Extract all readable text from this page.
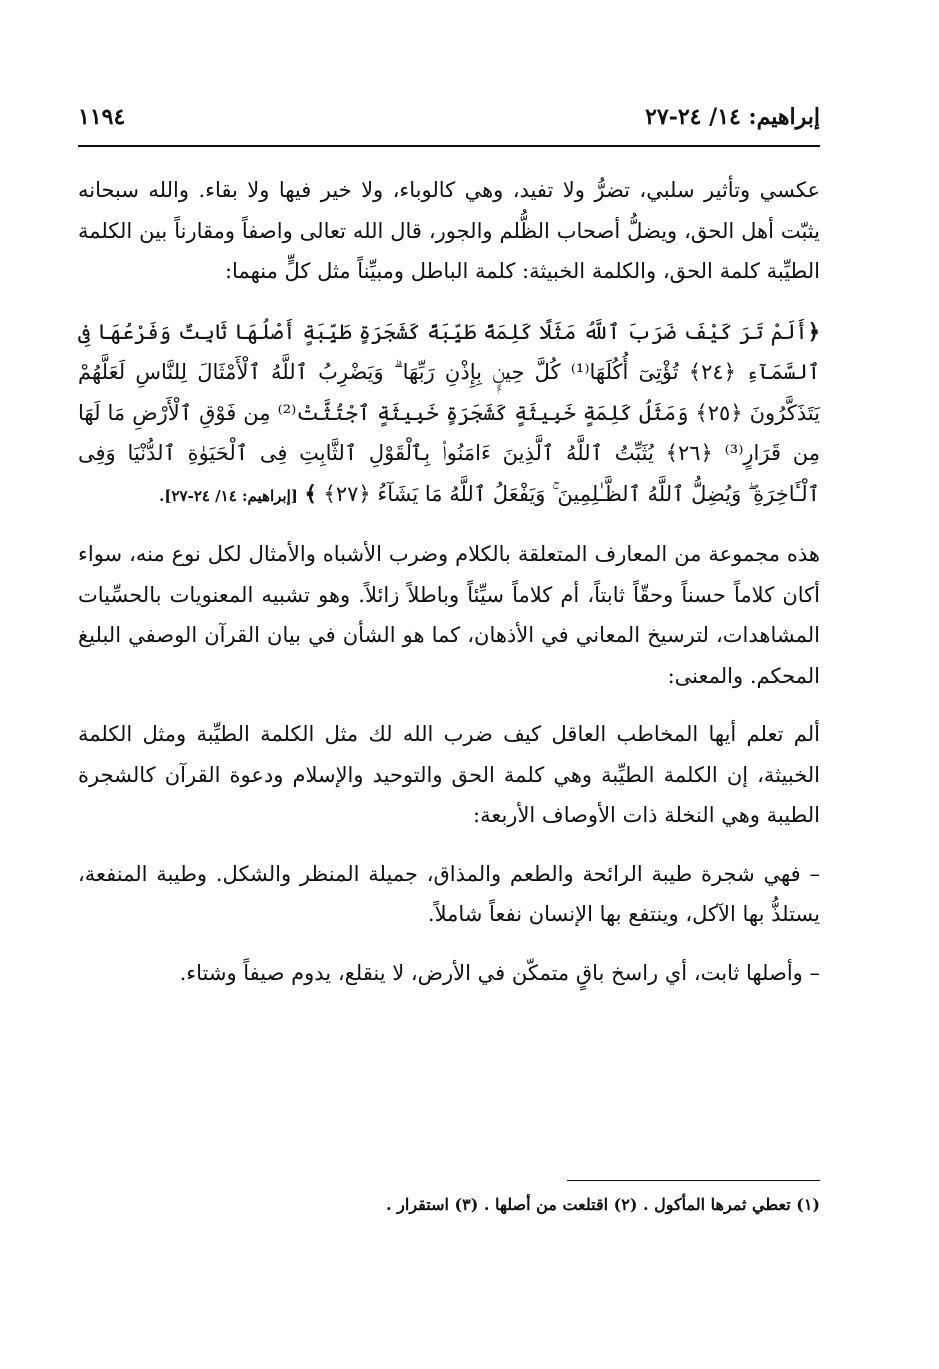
إبراهيم: ١٤/ ٢٤-٢٧
١١٩٤

عكسي وتأثير سلبي، تضرُّ ولا تفيد، وهي كالوباء، ولا خير فيها ولا بقاء. والله سبحانه يثبّت أهل الحق، ويضلُّ أصحاب الظُّلم والجور، قال الله تعالى واصفاً ومقارناً بين الكلمة الطيِّبة كلمة الحق، والكلمة الخبيثة: كلمة الباطل ومبيِّناً مثل كلٍّ منهما:

﴿أَلَمْ تَرَ كَيْفَ ضَرَبَ ٱللَّهُ مَثَلًا كَلِمَةً طَيِّبَةً كَشَجَرَةٍ طَيِّبَةٍ أَصْلُهَا ثَابِتٌ وَفَرْعُهَا فِى ٱلسَّمَآءِ ﴿٢٤﴾ تُؤْتِىٓ أُكُلَهَا⁽¹⁾ كُلَّ حِينٍۭ بِإِذْنِ رَبِّهَا ۗ وَيَضْرِبُ ٱللَّهُ ٱلْأَمْثَالَ لِلنَّاسِ لَعَلَّهُمْ يَتَذَكَّرُونَ ﴿٢٥﴾ وَمَثَلُ كَلِمَةٍ خَبِيثَةٍ كَشَجَرَةٍ خَبِيثَةٍ ٱجْتُثَّتْ⁽²⁾ مِن فَوْقِ ٱلْأَرْضِ مَا لَهَا مِن قَرَارٍ⁽³⁾ ﴿٢٦﴾ يُثَبِّتُ ٱللَّهُ ٱلَّذِينَ ءَامَنُوا۟ بِٱلْقَوْلِ ٱلثَّابِتِ فِى ٱلْحَيَوٰةِ ٱلدُّنْيَا وَفِى ٱلْـَٔاخِرَةِ ۖ وَيُضِلُّ ٱللَّهُ ٱلظَّـٰلِمِينَ ۚ وَيَفْعَلُ ٱللَّهُ مَا يَشَآءُ ﴿٢٧﴾ ﴾ [إبراهيم: ١٤/ ٢٤-٢٧].

هذه مجموعة من المعارف المتعلقة بالكلام وضرب الأشباه والأمثال لكل نوع منه، سواء أكان كلاماً حسناً وحقّاً ثابتاً، أم كلاماً سيِّئاً وباطلاً زائلاً. وهو تشبيه المعنويات بالحسِّيات المشاهدات، لترسيخ المعاني في الأذهان، كما هو الشأن في بيان القرآن الوصفي البليغ المحكم. والمعنى:

ألم تعلم أيها المخاطب العاقل كيف ضرب الله لك مثل الكلمة الطيِّبة ومثل الكلمة الخبيثة، إن الكلمة الطيِّبة وهي كلمة الحق والتوحيد والإسلام ودعوة القرآن كالشجرة الطيبة وهي النخلة ذات الأوصاف الأربعة:

– فهي شجرة طيبة الرائحة والطعم والمذاق، جميلة المنظر والشكل. وطيبة المنفعة، يستلذُّ بها الآكل، وينتفع بها الإنسان نفعاً شاملاً.

– وأصلها ثابت، أي راسخ باقٍ متمكّن في الأرض، لا ينقلع، يدوم صيفاً وشتاء.

(١) تعطي ثمرها المأكول . (٢) اقتلعت من أصلها . (٣) استقرار .
